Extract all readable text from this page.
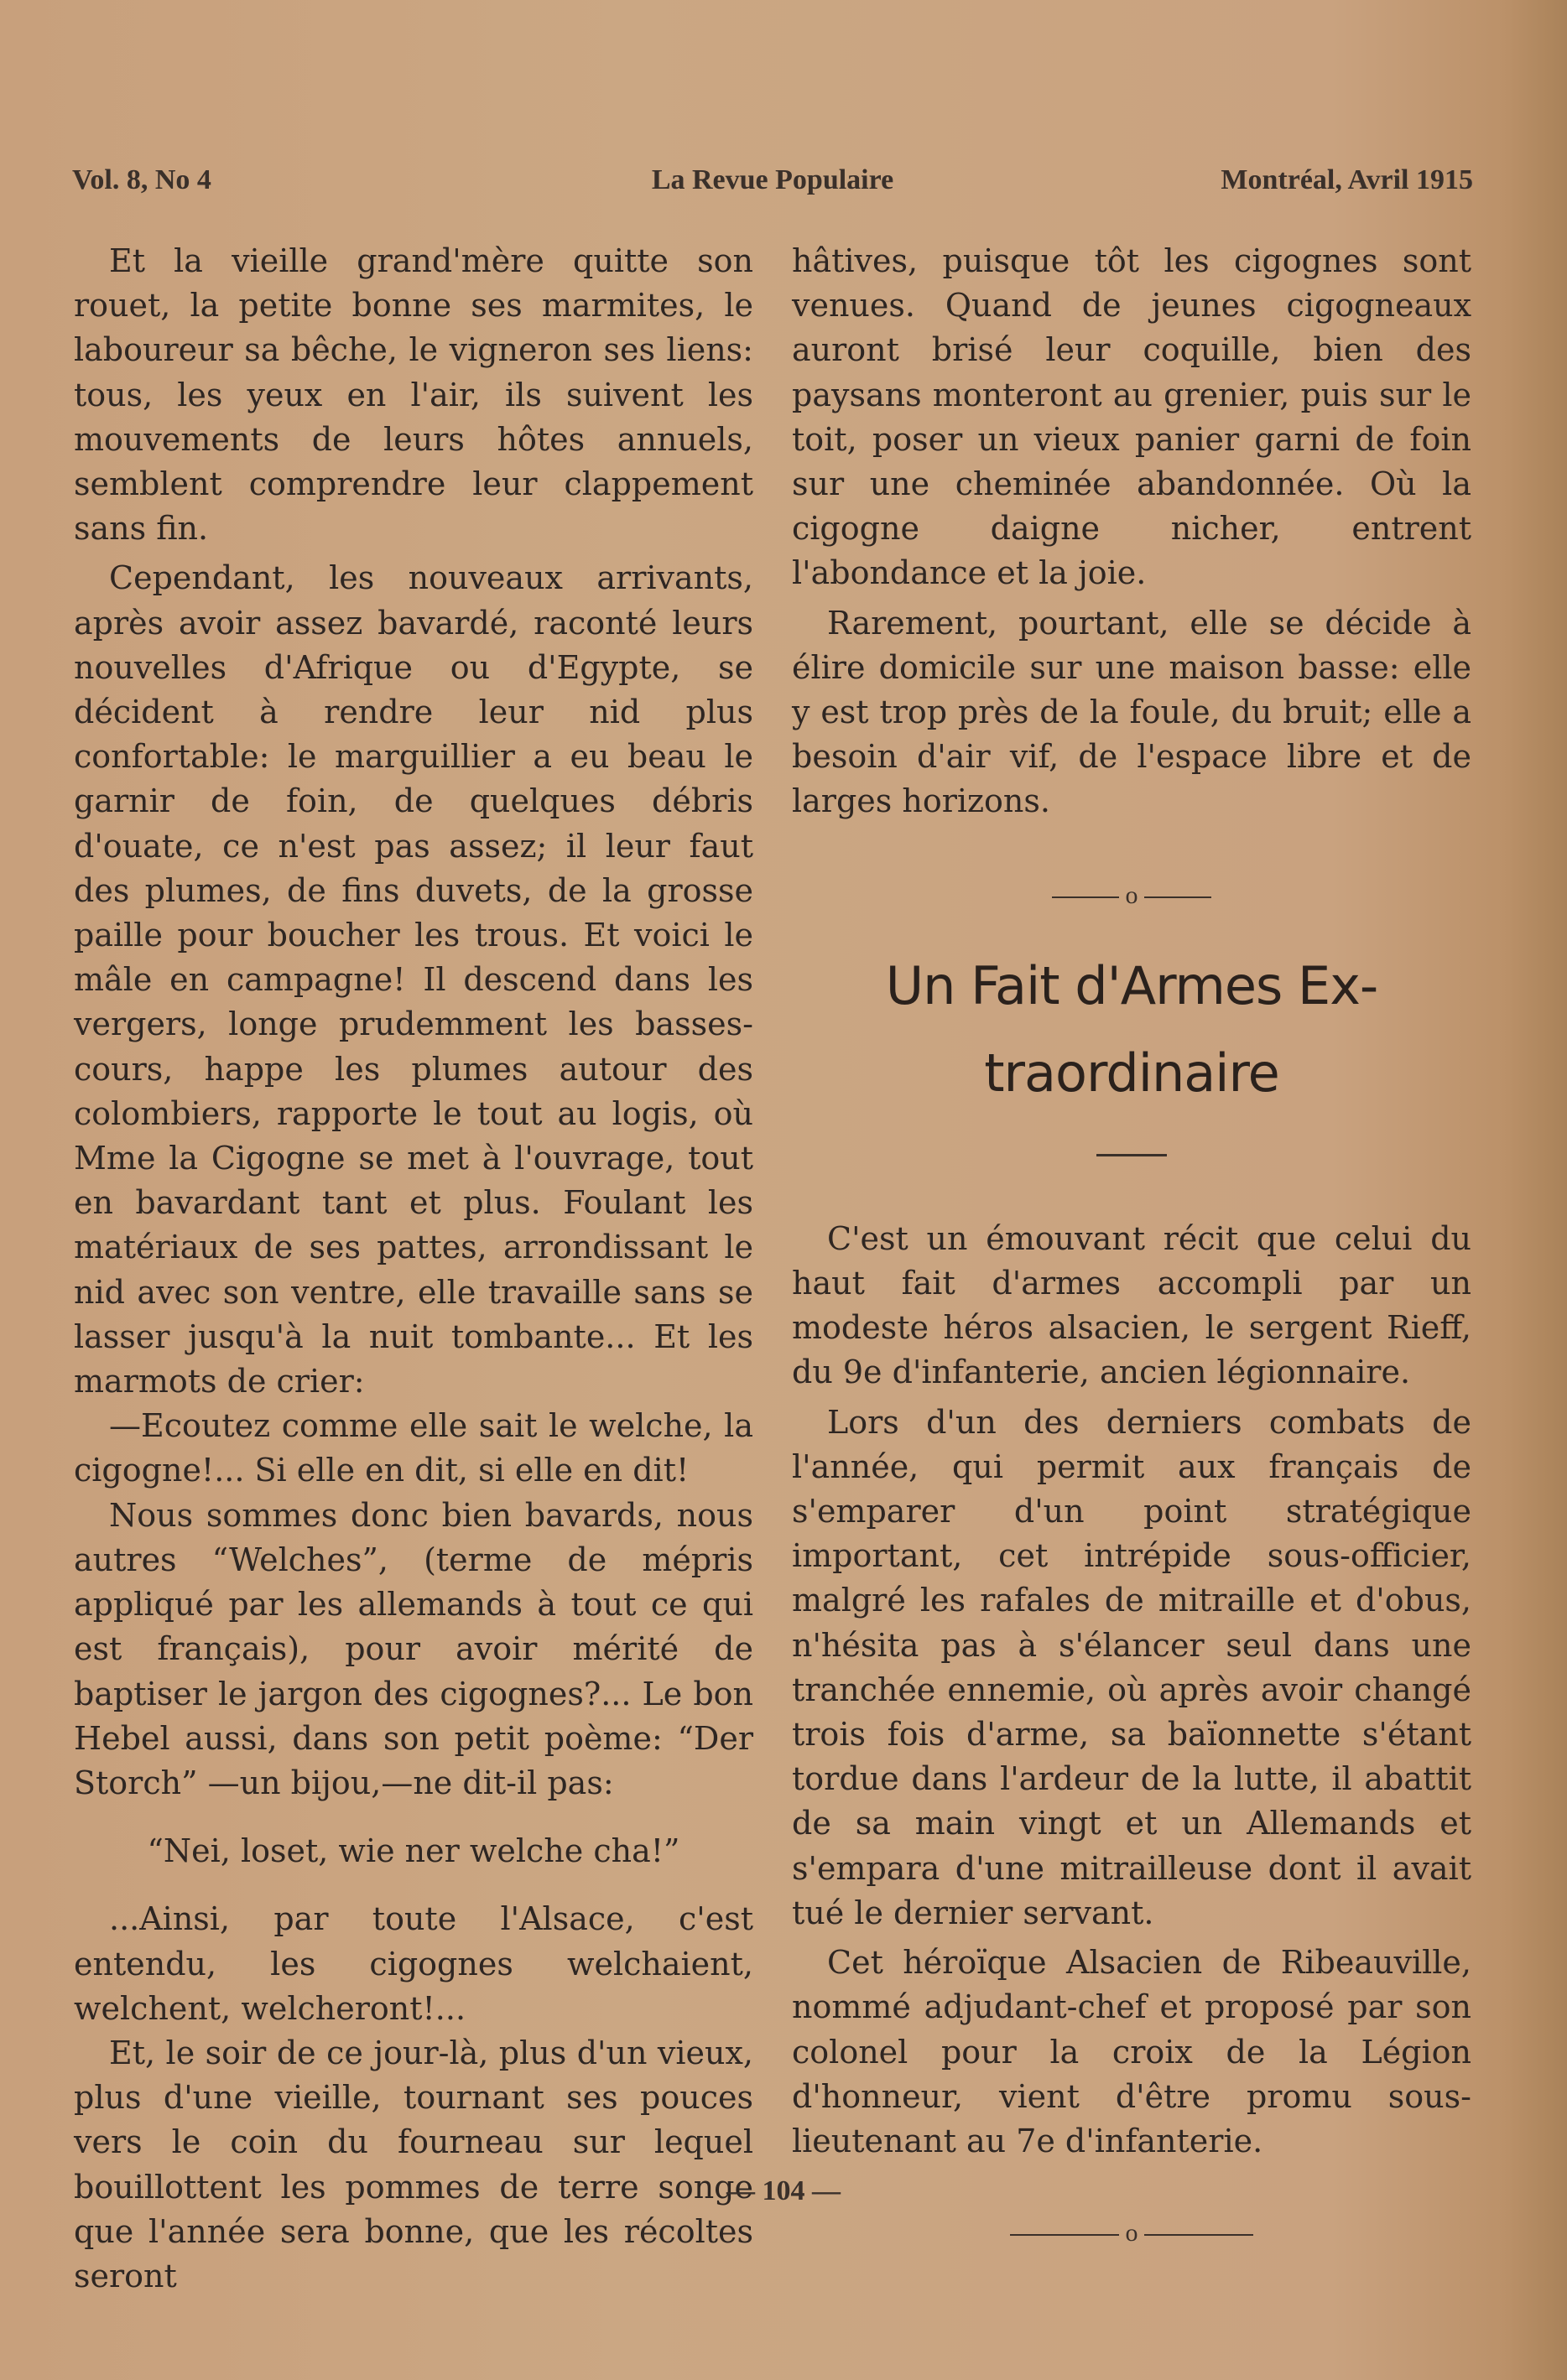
Vol. 8, No 4	La Revue Populaire	Montréal, Avril 1915

Et la vieille grand'mère quitte son rouet, la petite bonne ses marmites, le laboureur sa bêche, le vigneron ses liens: tous, les yeux en l'air, ils suivent les mouvements de leurs hôtes annuels, semblent comprendre leur clappement sans fin.

Cependant, les nouveaux arrivants, après avoir assez bavardé, raconté leurs nouvelles d'Afrique ou d'Egypte, se décident à rendre leur nid plus confortable: le marguillier a eu beau le garnir de foin, de quelques débris d'ouate, ce n'est pas assez; il leur faut des plumes, de fins duvets, de la grosse paille pour boucher les trous. Et voici le mâle en campagne! Il descend dans les vergers, longe prudemment les basses-cours, happe les plumes autour des colombiers, rapporte le tout au logis, où Mme la Cigogne se met à l'ouvrage, tout en bavardant tant et plus. Foulant les matériaux de ses pattes, arrondissant le nid avec son ventre, elle travaille sans se lasser jusqu'à la nuit tombante... Et les marmots de crier:

—Ecoutez comme elle sait le welche, la cigogne!... Si elle en dit, si elle en dit!

Nous sommes donc bien bavards, nous autres “Welches”, (terme de mépris appliqué par les allemands à tout ce qui est français), pour avoir mérité de baptiser le jargon des cigognes?... Le bon Hebel aussi, dans son petit poème: “Der Storch” —un bijou,—ne dit-il pas:

“Nei, loset, wie ner welche cha!”

...Ainsi, par toute l'Alsace, c'est entendu, les cigognes welchaient, welchent, welcheront!...

Et, le soir de ce jour-là, plus d'un vieux, plus d'une vieille, tournant ses pouces vers le coin du fourneau sur lequel bouillottent les pommes de terre songe que l'année sera bonne, que les récoltes seront

hâtives, puisque tôt les cigognes sont venues. Quand de jeunes cigogneaux auront brisé leur coquille, bien des paysans monteront au grenier, puis sur le toit, poser un vieux panier garni de foin sur une cheminée abandonnée. Où la cigogne daigne nicher, entrent l'abondance et la joie.

Rarement, pourtant, elle se décide à élire domicile sur une maison basse: elle y est trop près de la foule, du bruit; elle a besoin d'air vif, de l'espace libre et de larges horizons.

o
Un Fait d'Armes Ex-
traordinaire

C'est un émouvant récit que celui du haut fait d'armes accompli par un modeste héros alsacien, le sergent Rieff, du 9e d'infanterie, ancien légionnaire.

Lors d'un des derniers combats de l'année, qui permit aux français de s'emparer d'un point stratégique important, cet intrépide sous-officier, malgré les rafales de mitraille et d'obus, n'hésita pas à s'élancer seul dans une tranchée ennemie, où après avoir changé trois fois d'arme, sa baïonnette s'étant tordue dans l'ardeur de la lutte, il abattit de sa main vingt et un Allemands et s'empara d'une mitrailleuse dont il avait tué le dernier servant.

Cet héroïque Alsacien de Ribeauville, nommé adjudant-chef et proposé par son colonel pour la croix de la Légion d'honneur, vient d'être promu sous-lieutenant au 7e d'infanterie.

o
— 104 —
